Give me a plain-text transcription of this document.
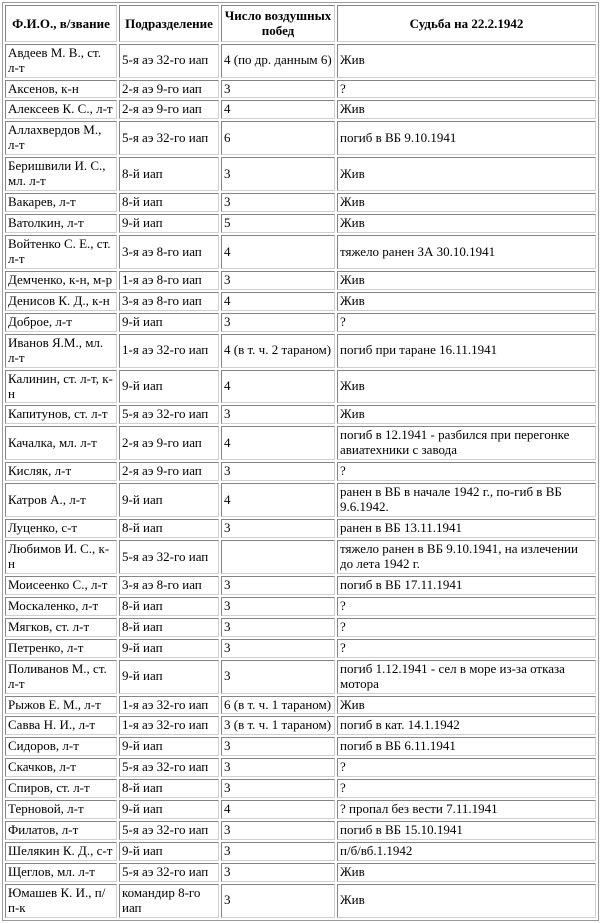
Ф.И.О., в/звание	Подразделение	Число воздушных побед	Судьба на 22.2.1942
Авдеев М. В., ст. л-т	5-я аэ 32-го иап	4 (по др. данным 6)	Жив
Аксенов, к-н	2-я аэ 9-го иап	3	?
Алексеев К. С., л-т	2-я аэ 9-го иап	4	Жив
Аллахвердов М., л-т	5-я аэ 32-го иап	6	погиб в ВБ 9.10.1941
Беришвили И. С., мл. л-т	8-й иап	3	Жив
Вакарев, л-т	8-й иап	3	Жив
Ватолкин, л-т	9-й иап	5	Жив
Войтенко С. Е., ст. л-т	3-я аэ 8-го иап	4	тяжело ранен ЗА 30.10.1941
Демченко, к-н, м-р	1-я аэ 8-го иап	3	Жив
Денисов К. Д., к-н	3-я аэ 8-го иап	4	Жив
Доброе, л-т	9-й иап	3	?
Иванов Я.М., мл. л-т	1-я аэ 32-го иап	4 (в т. ч. 2 тараном)	погиб при таране 16.11.1941
Калинин, ст. л-т, к-н	9-й иап	4	Жив
Капитунов, ст. л-т	5-я аэ 32-го иап	3	Жив
Качалка, мл. л-т	2-я аэ 9-го иап	4	погиб в 12.1941 - разбился при перегонке авиатехники с завода
Кисляк, л-т	2-я аэ 9-го иап	3	?
Катров А., л-т	9-й иап	4	ранен в ВБ в начале 1942 г., по-гиб в ВБ 9.6.1942.
Луценко, с-т	8-й иап	3	ранен в ВБ 13.11.1941
Любимов И. С., к-н	5-я аэ 32-го иап		тяжело ранен в ВБ 9.10.1941, на излечении до лета 1942 г.
Моисеенко С., л-т	3-я аэ 8-го иап	3	погиб в ВБ 17.11.1941
Москаленко, л-т	8-й иап	3	?
Мягков, ст. л-т	8-й иап	3	?
Петренко, л-т	9-й иап	3	?
Поливанов М., ст. л-т	9-й иап	3	погиб 1.12.1941 - сел в море из-за отказа мотора
Рыжов Е. М., л-т	1-я аэ 32-го иап	6 (в т. ч. 1 тараном)	Жив
Савва Н. И., л-т	1-я аэ 32-го иап	3 (в т. ч. 1 тараном)	погиб в кат. 14.1.1942
Сидоров, л-т	9-й иап	3	погиб в ВБ 6.11.1941
Скачков, л-т	5-я аэ 32-го иап	3	?
Спиров, ст. л-т	8-й иап	3	?
Терновой, л-т	9-й иап	4	? пропал без вести 7.11.1941
Филатов, л-т	5-я аэ 32-го иап	3	погиб в ВБ 15.10.1941
Шелякин К. Д., с-т	9-й иап	3	п/б/вб.1.1942
Щеглов, мл. л-т	5-я аэ 32-го иап	3	Жив
Юмашев К. И., п/п-к	командир 8-го иап	3	Жив
